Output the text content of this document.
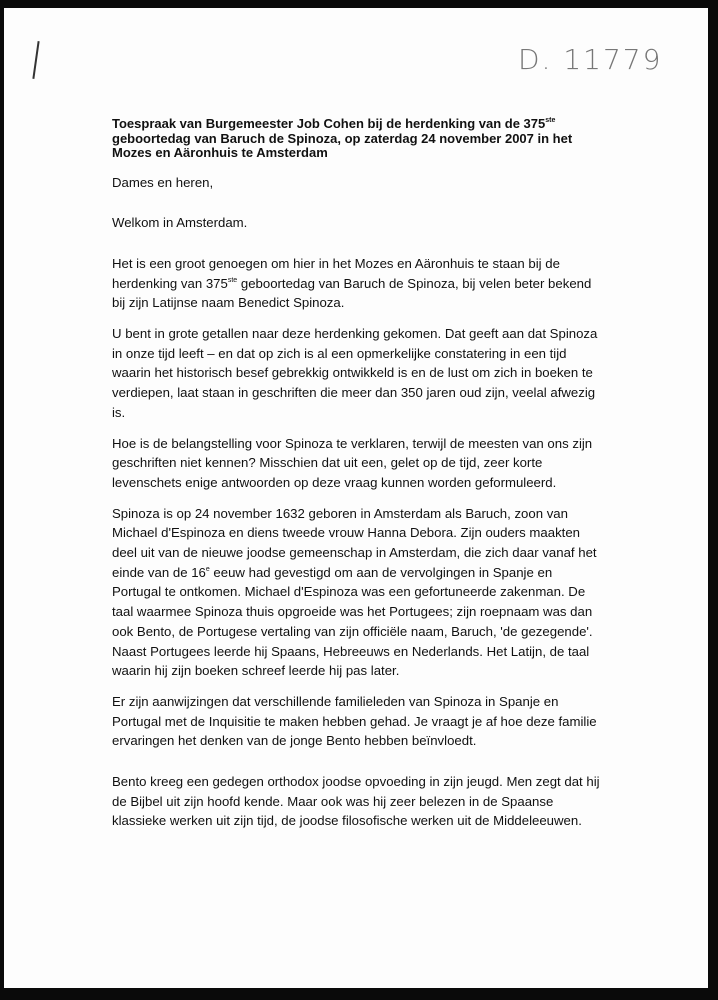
D. 11779

Toespraak van Burgemeester Job Cohen bij de herdenking van de 375ste geboortedag van Baruch de Spinoza, op zaterdag 24 november 2007 in het Mozes en Aäronhuis te Amsterdam

Dames en heren,

Welkom in Amsterdam.

Het is een groot genoegen om hier in het Mozes en Aäronhuis te staan bij de herdenking van 375ste geboortedag van Baruch de Spinoza, bij velen beter bekend bij zijn Latijnse naam Benedict Spinoza.

U bent in grote getallen naar deze herdenking gekomen. Dat geeft aan dat Spinoza in onze tijd leeft – en dat op zich is al een opmerkelijke constatering in een tijd waarin het historisch besef gebrekkig ontwikkeld is en de lust om zich in boeken te verdiepen, laat staan in geschriften die meer dan 350 jaren oud zijn, veelal afwezig is.

Hoe is de belangstelling voor Spinoza te verklaren, terwijl de meesten van ons zijn geschriften niet kennen? Misschien dat uit een, gelet op de tijd, zeer korte levenschets enige antwoorden op deze vraag kunnen worden geformuleerd.

Spinoza is op 24 november 1632 geboren in Amsterdam als Baruch, zoon van Michael d'Espinoza en diens tweede vrouw Hanna Debora. Zijn ouders maakten deel uit van de nieuwe joodse gemeenschap in Amsterdam, die zich daar vanaf het einde van de 16e eeuw had gevestigd om aan de vervolgingen in Spanje en Portugal te ontkomen. Michael d'Espinoza was een gefortuneerde zakenman. De taal waarmee Spinoza thuis opgroeide was het Portugees; zijn roepnaam was dan ook Bento, de Portugese vertaling van zijn officiële naam, Baruch, 'de gezegende'. Naast Portugees leerde hij Spaans, Hebreeuws en Nederlands. Het Latijn, de taal waarin hij zijn boeken schreef leerde hij pas later.

Er zijn aanwijzingen dat verschillende familieleden van Spinoza in Spanje en Portugal met de Inquisitie te maken hebben gehad. Je vraagt je af hoe deze familie ervaringen het denken van de jonge Bento hebben beïnvloedt.

Bento kreeg een gedegen orthodox joodse opvoeding in zijn jeugd. Men zegt dat hij de Bijbel uit zijn hoofd kende. Maar ook was hij zeer belezen in de Spaanse klassieke werken uit zijn tijd, de joodse filosofische werken uit de Middeleeuwen.
